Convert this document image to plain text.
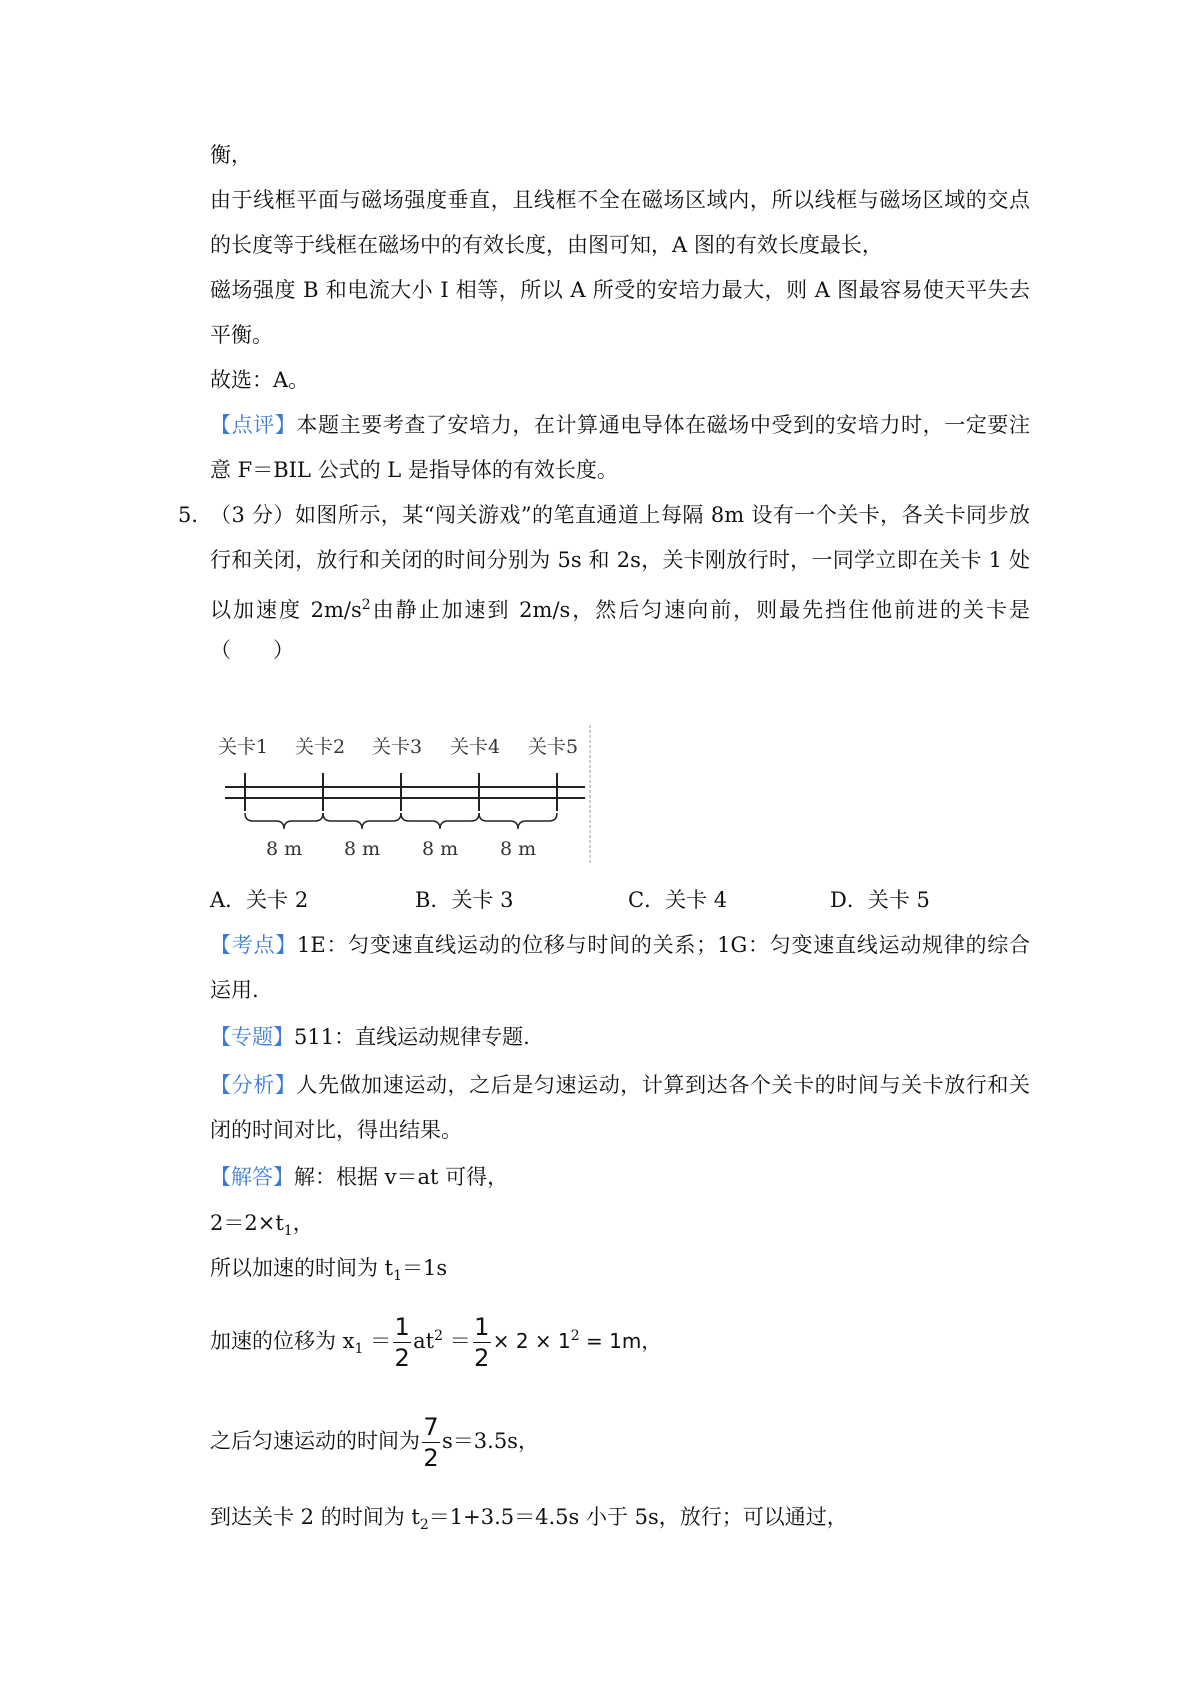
衡，
由于线框平面与磁场强度垂直，且线框不全在磁场区域内，所以线框与磁场区域的交点
的长度等于线框在磁场中的有效长度，由图可知，A 图的有效长度最长，
磁场强度 B 和电流大小 I 相等，所以 A 所受的安培力最大，则 A 图最容易使天平失去
平衡。
故选：A。
【点评】本题主要考查了安培力，在计算通电导体在磁场中受到的安培力时，一定要注
意 F＝BIL 公式的 L 是指导体的有效长度。
5．
（3 分）如图所示，某“闯关游戏”的笔直通道上每隔 8m 设有一个关卡，各关卡同步放
行和关闭，放行和关闭的时间分别为 5s 和 2s，关卡刚放行时，一同学立即在关卡 1 处
以加速度 $2m/s^2$由静止加速到 2m/s，然后匀速向前，则最先挡住他前进的关卡是
（　　）
关卡1 关卡2 关卡3 关卡4 关卡5
8 m 8 m 8 m 8 m
A．关卡 2	B．关卡 3	C．关卡 4	D．关卡 5
【考点】1E：匀变速直线运动的位移与时间的关系；1G：匀变速直线运动规律的综合
运用.
【专题】511：直线运动规律专题.
【分析】人先做加速运动，之后是匀速运动，计算到达各个关卡的时间与关卡放行和关
闭的时间对比，得出结果。
【解答】解：根据 v＝at 可得，
$2=2\times t_1$，
所以加速的时间为 $t_1=1s$
加速的位移为 $x_1 = \frac{1}{2} at^2 = \frac{1}{2} \times 2 \times 1^2 = 1m$，
之后匀速运动的时间为 $\frac{7}{2} s=3.5s$，
到达关卡 2 的时间为 $t_2=1+3.5=4.5s$ 小于 5s，放行；可以通过，
